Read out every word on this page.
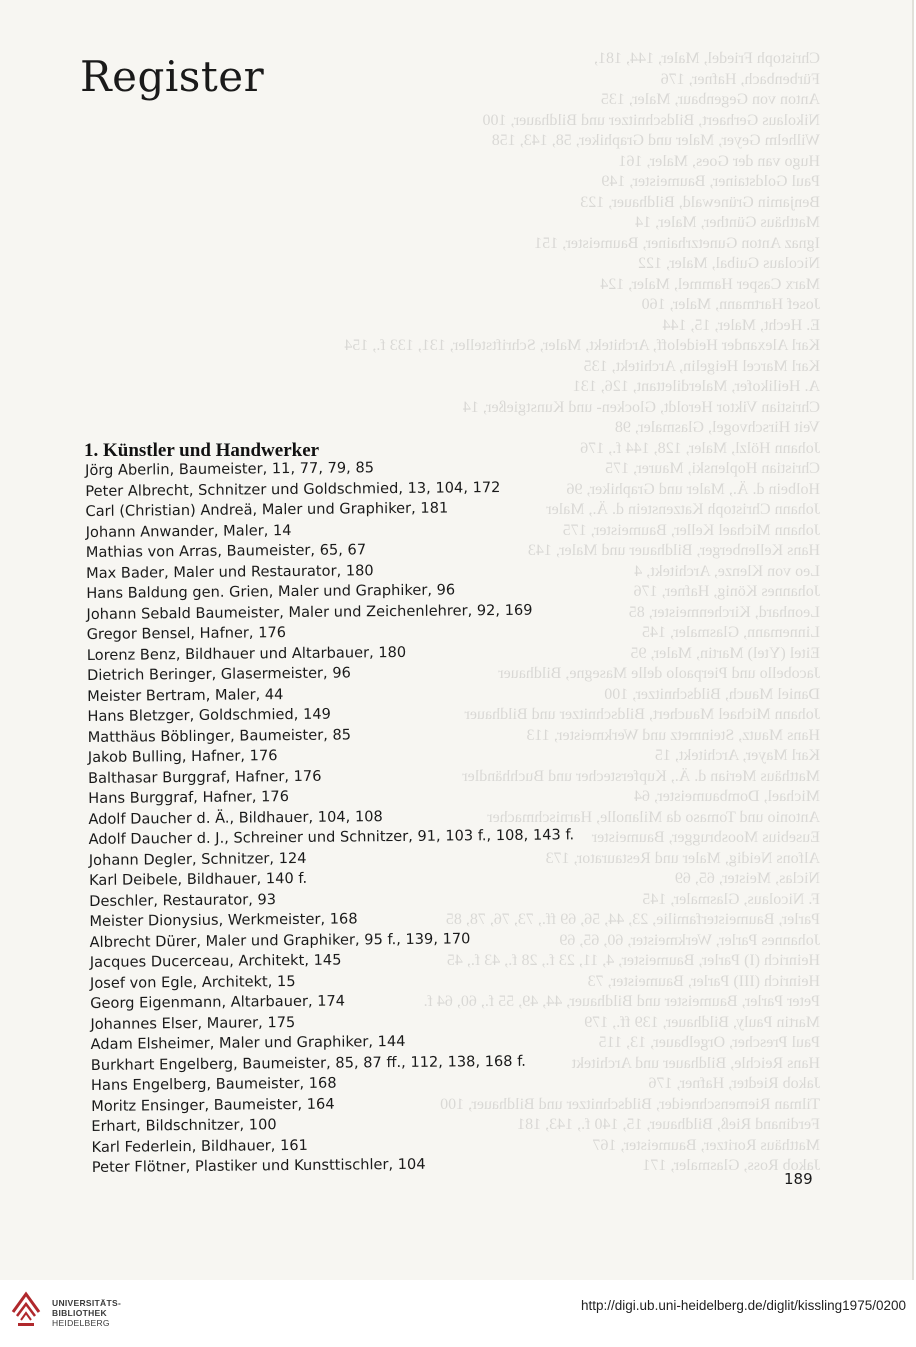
Christoph Friedel, Maler, 144, 181,
Fürbenbach, Hafner, 176
Anton von Gegenbaur, Maler, 135
Nikolaus Gerhaert, Bildschnitzer und Bildhauer, 100
Wilhelm Geyer, Maler und Graphiker, 58, 143, 158
Hugo van der Goes, Maler, 161
Paul Goldstainer, Baumeister, 149
Benjamin Grünewald, Bildhauer, 123
Matthäus Günther, Maler, 14
Ignaz Anton Gunetzrhainer, Baumeister, 151
Nicolaus Guibal, Maler, 122
Marx Casper Hammel, Maler, 124
Josef Hartmann, Maler, 160
E. Hecht, Maler, 15, 144
Karl Alexander Heideloff, Architekt, Maler, Schriftsteller, 131, 133 f., 154
Karl Marcel Heigelin, Architekt, 135
A. Heilikofer, Malerdilettant, 126, 131
Christian Viktor Heroldt, Glocken- und Kunstgießer, 14
Veit Hirschvogel, Glasmaler, 98
Johann Hölzl, Maler, 128, 144 f., 176
Christian Hoplenski, Maurer, 175
Holbein d. Ä., Maler und Graphiker, 96
Johann Christoph Katzenstein d. Ä., Maler
Johann Michael Keller, Baumeister, 175
Hans Kellenberger, Bildhauer und Maler, 143
Leo von Klenze, Architekt, 4
Johannes König, Hafner, 176
Leonhard, Kirchenmeister, 85
Linnemann, Glasmaler, 145
Eitel (Ytel) Martin, Maler, 95
Jacobello und Pierpaolo delle Masegne, Bildhauer
Daniel Mauch, Bildschnitzer, 100
Johann Michael Mauchert, Bildschnitzer und Bildhauer
Hans Mautz, Steinmetz und Werkmeister, 113
Karl Mayer, Architekt, 15
Matthäus Merian d. Ä., Kupferstecher und Buchhändler
Michael, Dombaumeister, 64
Antonio und Tomaso da Milanolle, Harnischmacher
Eusebius Moosbrugger, Baumeister
Alfons Neidig, Maler und Restaurator, 173
Niclas, Meister, 65, 69
F. Nicolaus, Glasmaler, 145
Parler, Baumeisterfamilie, 23, 44, 56, 69 ff., 73, 76, 78, 85
Johannes Parler, Werkmeister, 60, 65, 69
Heinrich (I) Parler, Baumeister, 4, 11, 23 f., 28 f., 43 f., 45
Heinrich (III) Parler, Baumeister, 73
Peter Parler, Baumeister und Bildhauer, 44, 49, 55 f., 60, 64 f.
Martin Pauly, Bildhauer, 139 ff., 179
Paul Prescher, Orgelbauer, 13, 115
Hans Reichle, Bildhauer und Architekt
Jakob Riedter, Hafner, 176
Tilman Riemenschneider, Bildschnitzer und Bildhauer, 100
Ferdinand Rieß, Bildhauer, 15, 140 f., 143, 181
Matthäus Roritzer, Baumeister, 167
Jakob Ross, Glasmaler, 171
Register
1. Künstler und Handwerker
Jörg Aberlin, Baumeister, 11, 77, 79, 85
Peter Albrecht, Schnitzer und Goldschmied, 13, 104, 172
Carl (Christian) Andreä, Maler und Graphiker, 181
Johann Anwander, Maler, 14
Mathias von Arras, Baumeister, 65, 67
Max Bader, Maler und Restaurator, 180
Hans Baldung gen. Grien, Maler und Graphiker, 96
Johann Sebald Baumeister, Maler und Zeichenlehrer, 92, 169
Gregor Bensel, Hafner, 176
Lorenz Benz, Bildhauer und Altarbauer, 180
Dietrich Beringer, Glasermeister, 96
Meister Bertram, Maler, 44
Hans Bletzger, Goldschmied, 149
Matthäus Böblinger, Baumeister, 85
Jakob Bulling, Hafner, 176
Balthasar Burggraf, Hafner, 176
Hans Burggraf, Hafner, 176
Adolf Daucher d. Ä., Bildhauer, 104, 108
Adolf Daucher d. J., Schreiner und Schnitzer, 91, 103 f., 108, 143 f.
Johann Degler, Schnitzer, 124
Karl Deibele, Bildhauer, 140 f.
Deschler, Restaurator, 93
Meister Dionysius, Werkmeister, 168
Albrecht Dürer, Maler und Graphiker, 95 f., 139, 170
Jacques Ducerceau, Architekt, 145
Josef von Egle, Architekt, 15
Georg Eigenmann, Altarbauer, 174
Johannes Elser, Maurer, 175
Adam Elsheimer, Maler und Graphiker, 144
Burkhart Engelberg, Baumeister, 85, 87 ff., 112, 138, 168 f.
Hans Engelberg, Baumeister, 168
Moritz Ensinger, Baumeister, 164
Erhart, Bildschnitzer, 100
Karl Federlein, Bildhauer, 161
Peter Flötner, Plastiker und Kunsttischler, 104
189
UNIVERSITÄTS-
BIBLIOTHEK
HEIDELBERG
http://digi.ub.uni-heidelberg.de/diglit/kissling1975/0200
